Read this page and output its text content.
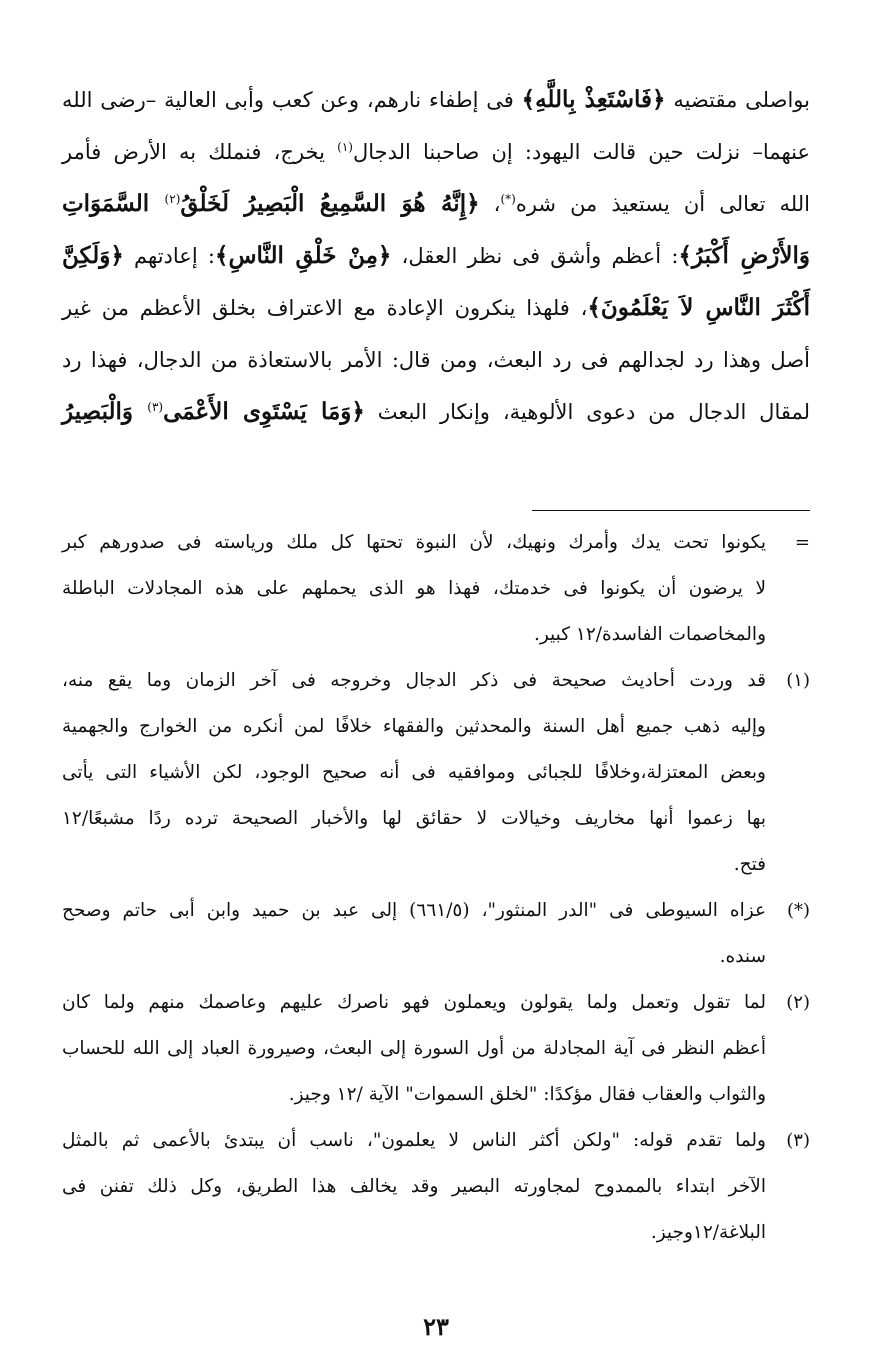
بواصلى مقتضيه ﴿فَاسْتَعِذْ بِاللَّهِ﴾ فى إطفاء نارهم، وعن كعب وأبى العالية –رضى الله
عنهما– نزلت حين قالت اليهود: إن صاحبنا الدجال$^{(١)}$ يخرج، فنملك به الأرض فأمر
الله تعالى أن يستعيذ من شره(*)، ﴿إِنَّهُ هُوَ السَّمِيعُ الْبَصِيرُ لَخَلْقُ$^{(٢)}$ السَّمَوَاتِ
وَالأَرْضِ أَكْبَرُ﴾: أعظم وأشق فى نظر العقل، ﴿مِنْ خَلْقِ النَّاسِ﴾: إعادتهم ﴿وَلَكِنَّ
أَكْثَرَ النَّاسِ لاَ يَعْلَمُونَ﴾، فلهذا ينكرون الإعادة مع الاعتراف بخلق الأعظم من غير
أصل وهذا رد لجدالهم فى رد البعث، ومن قال: الأمر بالاستعاذة من الدجال، فهذا رد
لمقال الدجال من دعوى الألوهية، وإنكار البعث ﴿وَمَا يَسْتَوِى الأَعْمَى$^{(٣)}$ وَالْبَصِيرُ
=
يكونوا تحت يدك وأمرك ونهيك، لأن النبوة تحتها كل ملك ورياسته فى صدورهم كبر
لا يرضون أن يكونوا فى خدمتك، فهذا هو الذى يحملهم على هذه المجادلات الباطلة
والمخاصمات الفاسدة/١٢ كبير.
(١)
قد وردت أحاديث صحيحة فى ذكر الدجال وخروجه فى آخر الزمان وما يقع منه،
وإليه ذهب جميع أهل السنة والمحدثين والفقهاء خلافًا لمن أنكره من الخوارج والجهمية
وبعض المعتزلة،وخلافًا للجبائى وموافقيه فى أنه صحيح الوجود، لكن الأشياء التى يأتى
بها زعموا أنها مخاريف وخيالات لا حقائق لها والأخبار الصحيحة ترده ردًا مشبعًا/١٢
فتح.
(*)
عزاه السيوطى فى "الدر المنثور"، (٦٦١/٥) إلى عبد بن حميد وابن أبى حاتم وصحح
سنده.
(٢)
لما تقول وتعمل ولما يقولون ويعملون فهو ناصرك عليهم وعاصمك منهم ولما كان
أعظم النظر فى آية المجادلة من أول السورة إلى البعث، وصيرورة العباد إلى الله للحساب
والثواب والعقاب فقال مؤكدًا: "لخلق السموات" الآية /١٢ وجيز.
(٣)
ولما تقدم قوله: "ولكن أكثر الناس لا يعلمون"، ناسب أن يبتدئ بالأعمى ثم بالمثل
الآخر ابتداء بالممدوح لمجاورته البصير وقد يخالف هذا الطريق، وكل ذلك تفنن فى
البلاغة/١٢وجيز.
٢٣
